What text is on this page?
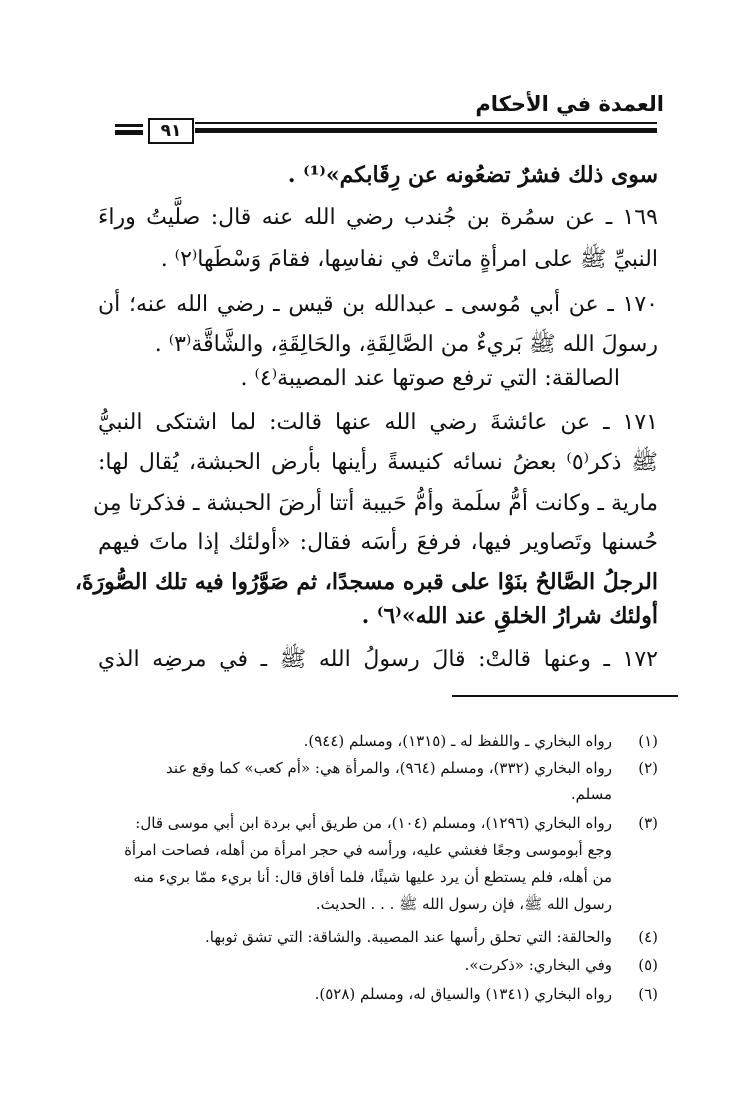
العمدة في الأحكام
٩١
سوى ذلك فشرٌ تضعُونه عن رِقَابكم»⁽¹⁾ .
١٦٩ ـ عن سمُرة بن جُندب رضي الله عنه قال: صلَّيتُ وراءَ
النبيِّ ﷺ على امرأةٍ ماتتْ في نفاسِها، فقامَ وَسْطَها⁽٢⁾ .
١٧٠ ـ عن أبي مُوسى ـ عبدالله بن قيس ـ رضي الله عنه؛ أن
رسولَ الله ﷺ بَريءٌ من الصَّالِقَةِ، والحَالِقَةِ، والشَّاقَّة⁽٣⁾ .
الصالقة: التي ترفع صوتها عند المصيبة⁽٤⁾ .
١٧١ ـ عن عائشةَ رضي الله عنها قالت: لما اشتكى النبيُّ
ﷺ ذكر⁽٥⁾ بعضُ نسائه كنيسةً رأينها بأرض الحبشة، يُقال لها:
مارية ـ وكانت أمُّ سلَمة وأمُّ حَبيبة أتتا أرضَ الحبشة ـ فذكرتا مِن
حُسنها وتَصاوير فيها، فرفعَ رأسَه فقال: «أولئك إذا ماتَ فيهم
الرجلُ الصَّالحُ بنَوْا على قبره مسجدًا، ثم صَوَّرُوا فيه تلك الصُّورَةَ،
أولئك شرارُ الخلقِ عند الله»⁽٦⁾ .
١٧٢ ـ وعنها قالتْ: قالَ رسولُ الله ﷺ ـ في مرضِه الذي
(١)رواه البخاري ـ واللفظ له ـ (١٣١٥)، ومسلم (٩٤٤).
(٢)رواه البخاري (٣٣٢)، ومسلم (٩٦٤)، والمرأة هي: «أم كعب» كما وقع عند
مسلم.
(٣)رواه البخاري (١٢٩٦)، ومسلم (١٠٤)، من طريق أبي بردة ابن أبي موسى قال:
وجع أبوموسى وجعًا فغشي عليه، ورأسه في حجر امرأة من أهله، فصاحت امرأة
من أهله، فلم يستطع أن يرد عليها شيئًا، فلما أفاق قال: أنا بريء ممّا بريء منه
رسول الله ﷺ، فإن رسول الله ﷺ . . . الحديث.
(٤)والحالقة: التي تحلق رأسها عند المصيبة. والشاقة: التي تشق ثوبها.
(٥)وفي البخاري: «ذكرت».
(٦)رواه البخاري (١٣٤١) والسياق له، ومسلم (٥٢٨).
